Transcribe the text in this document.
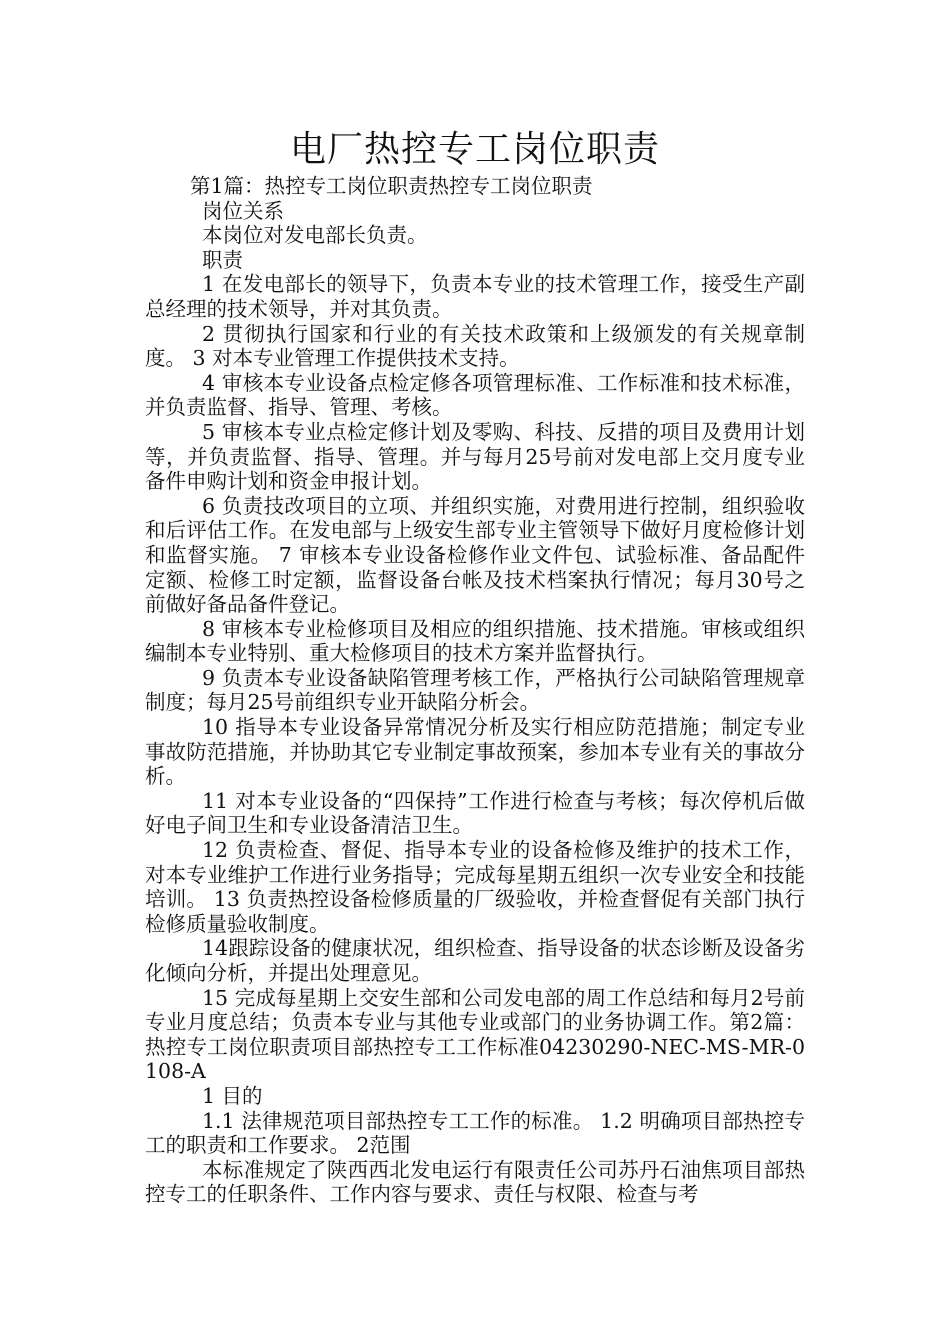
电厂热控专工岗位职责

第1篇：热控专工岗位职责热控专工岗位职责

岗位关系

本岗位对发电部长负责。

职责

1 在发电部长的领导下，负责本专业的技术管理工作，接受生产副总经理的技术领导，并对其负责。

2 贯彻执行国家和行业的有关技术政策和上级颁发的有关规章制度。 3 对本专业管理工作提供技术支持。

4 审核本专业设备点检定修各项管理标准、工作标准和技术标准，并负责监督、指导、管理、考核。

5 审核本专业点检定修计划及零购、科技、反措的项目及费用计划等，并负责监督、指导、管理。并与每月25号前对发电部上交月度专业备件申购计划和资金申报计划。

6 负责技改项目的立项、并组织实施，对费用进行控制，组织验收和后评估工作。在发电部与上级安生部专业主管领导下做好月度检修计划和监督实施。 7 审核本专业设备检修作业文件包、试验标准、备品配件定额、检修工时定额，监督设备台帐及技术档案执行情况；每月30号之前做好备品备件登记。

8 审核本专业检修项目及相应的组织措施、技术措施。审核或组织编制本专业特别、重大检修项目的技术方案并监督执行。

9 负责本专业设备缺陷管理考核工作，严格执行公司缺陷管理规章制度；每月25号前组织专业开缺陷分析会。

10 指导本专业设备异常情况分析及实行相应防范措施；制定专业事故防范措施，并协助其它专业制定事故预案，参加本专业有关的事故分析。

11 对本专业设备的“四保持”工作进行检查与考核；每次停机后做好电子间卫生和专业设备清洁卫生。

12 负责检查、督促、指导本专业的设备检修及维护的技术工作，对本专业维护工作进行业务指导；完成每星期五组织一次专业安全和技能培训。 13 负责热控设备检修质量的厂级验收，并检查督促有关部门执行检修质量验收制度。

14跟踪设备的健康状况，组织检查、指导设备的状态诊断及设备劣化倾向分析，并提出处理意见。

15 完成每星期上交安生部和公司发电部的周工作总结和每月2号前专业月度总结；负责本专业与其他专业或部门的业务协调工作。第2篇：热控专工岗位职责项目部热控专工工作标准04230290-NEC-MS-MR-0108-A

1 目的

1.1 法律规范项目部热控专工工作的标准。 1.2 明确项目部热控专工的职责和工作要求。 2范围

本标准规定了陕西西北发电运行有限责任公司苏丹石油焦项目部热控专工的任职条件、工作内容与要求、责任与权限、检查与考
